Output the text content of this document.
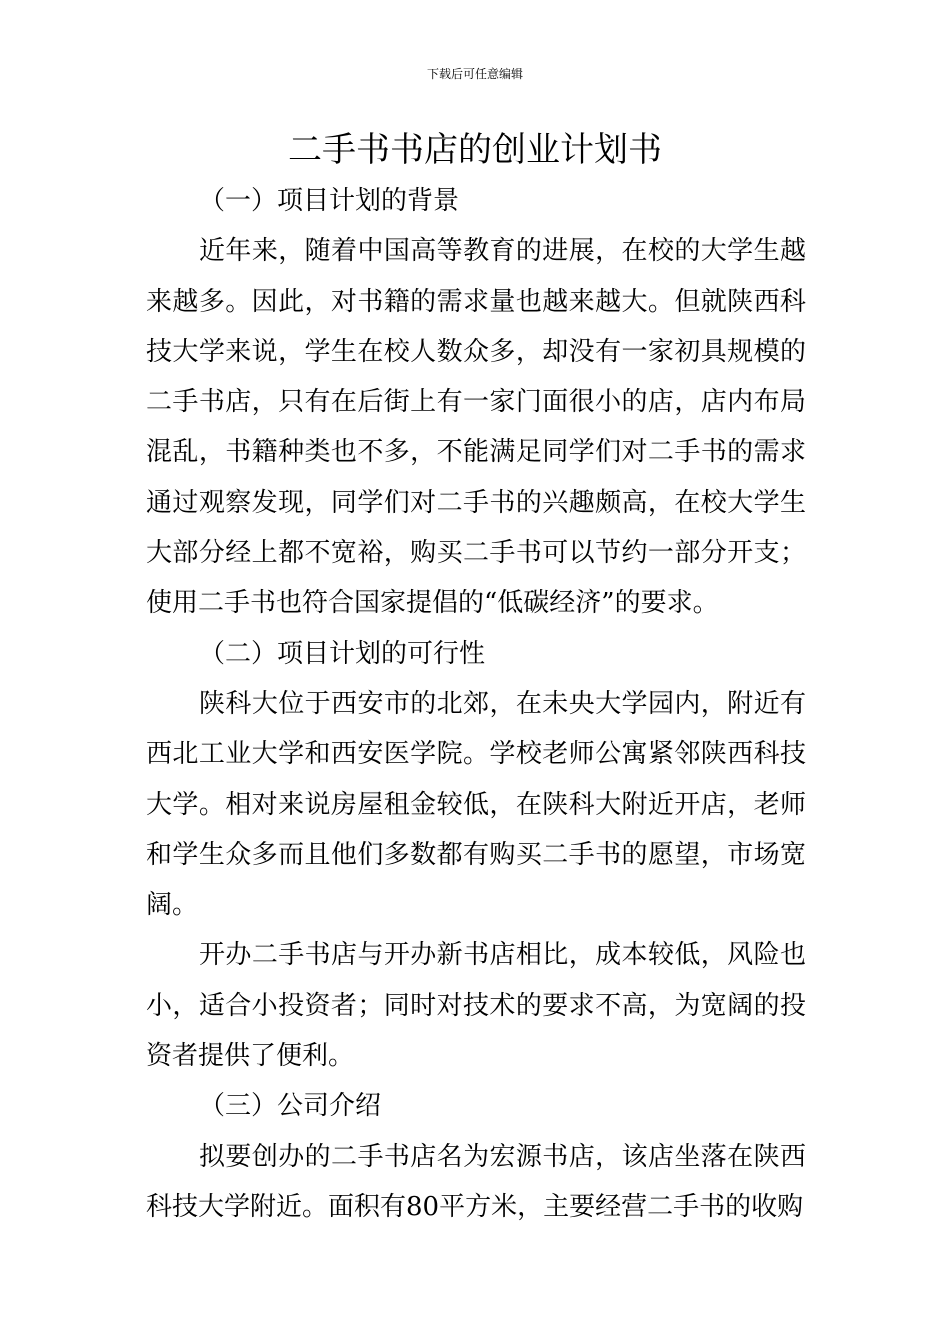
下载后可任意编辑
二手书书店的创业计划书

（一）项目计划的背景

近年来，随着中国高等教育的进展，在校的大学生越来越多。因此，对书籍的需求量也越来越大。但就陕西科技大学来说，学生在校人数众多，却没有一家初具规模的二手书店，只有在后街上有一家门面很小的店，店内布局混乱，书籍种类也不多，不能满足同学们对二手书的需求通过观察发现，同学们对二手书的兴趣颇高，在校大学生大部分经上都不宽裕，购买二手书可以节约一部分开支；使用二手书也符合国家提倡的“低碳经济”的要求。

（二）项目计划的可行性

陕科大位于西安市的北郊，在未央大学园内，附近有西北工业大学和西安医学院。学校老师公寓紧邻陕西科技大学。相对来说房屋租金较低，在陕科大附近开店，老师和学生众多而且他们多数都有购买二手书的愿望，市场宽阔。

开办二手书店与开办新书店相比，成本较低，风险也小，适合小投资者；同时对技术的要求不高，为宽阔的投资者提供了便利。

（三）公司介绍

拟要创办的二手书店名为宏源书店，该店坐落在陕西科技大学附近。面积有80平方米，主要经营二手书的收购
